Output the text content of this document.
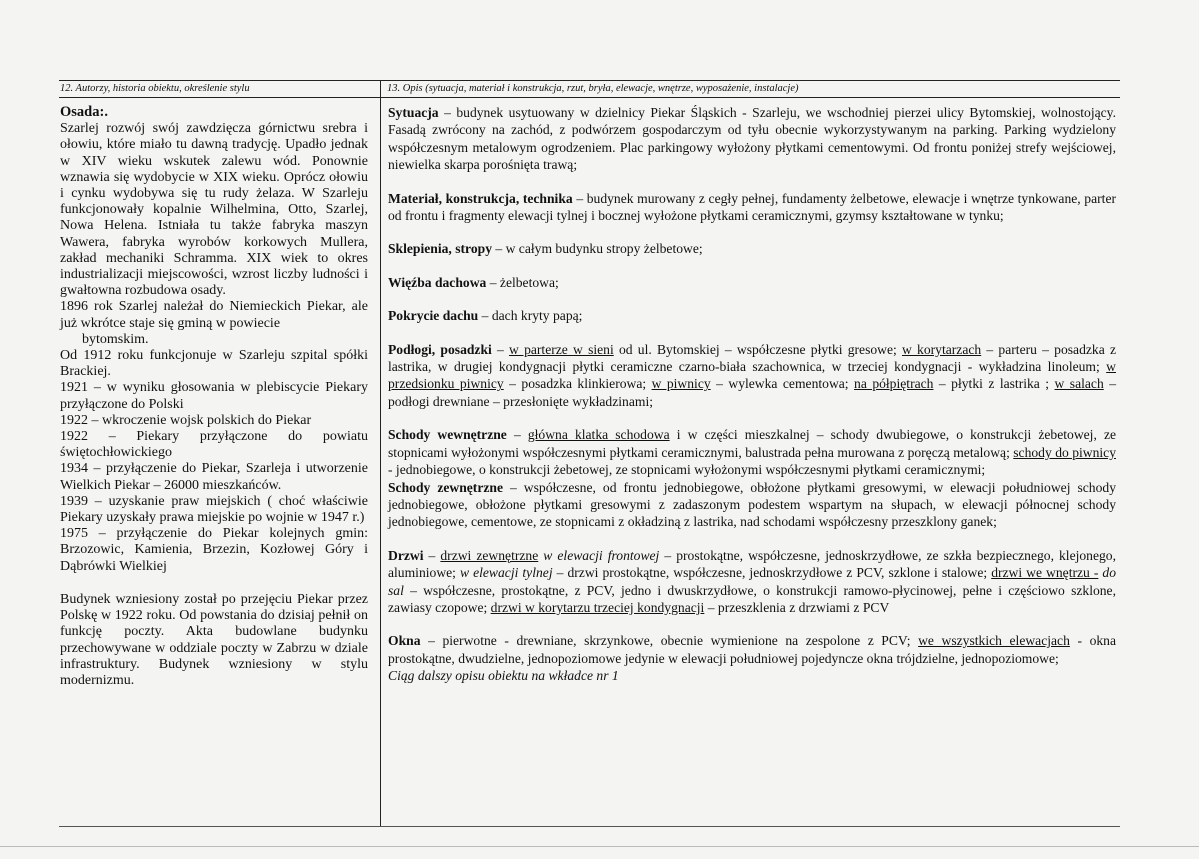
12. Autorzy, historia obiektu, określenie stylu	13. Opis (sytuacja, materiał i konstrukcja, rzut, bryła, elewacje, wnętrze, wyposażenie, instalacje)

Osada:.

Szarlej rozwój swój zawdzięcza górnictwu srebra i ołowiu, które miało tu dawną tradycję. Upadło jednak w XIV wieku wskutek zalewu wód. Ponownie wznawia się wydobycie w XIX wieku. Oprócz ołowiu i cynku wydobywa się tu rudy żelaza. W Szarleju funkcjonowały kopalnie Wilhelmina, Otto, Szarlej, Nowa Helena. Istniała tu także fabryka maszyn Wawera, fabryka wyrobów korkowych Mullera, zakład mechaniki Schramma. XIX wiek to okres industrializacji miejscowości, wzrost liczby ludności i gwałtowna rozbudowa osady.

1896 rok Szarlej należał do Niemieckich Piekar, ale już wkrótce staje się gminą w powiecie

bytomskim.

Od 1912 roku funkcjonuje w Szarleju szpital spółki Brackiej.

1921 – w wyniku głosowania w plebiscycie Piekary przyłączone do Polski

1922 – wkroczenie wojsk polskich do Piekar

1922 – Piekary przyłączone do powiatu świętochłowickiego

1934 – przyłączenie do Piekar, Szarleja i utworzenie Wielkich Piekar – 26000 mieszkańców.

1939 – uzyskanie praw miejskich ( choć właściwie Piekary uzyskały prawa miejskie po wojnie w 1947 r.)

1975 – przyłączenie do Piekar kolejnych gmin: Brzozowic, Kamienia, Brzezin, Kozłowej Góry i Dąbrówki Wielkiej

Budynek wzniesiony został po przejęciu Piekar przez Polskę w 1922 roku. Od powstania do dzisiaj pełnił on funkcję poczty. Akta budowlane budynku przechowywane w oddziale poczty w Zabrzu w dziale infrastruktury. Budynek wzniesiony w stylu modernizmu.

Sytuacja – budynek usytuowany w dzielnicy Piekar Śląskich - Szarleju, we wschodniej pierzei ulicy Bytomskiej, wolnostojący. Fasadą zwrócony na zachód, z podwórzem gospodarczym od tyłu obecnie wykorzystywanym na parking. Parking wydzielony współczesnym metalowym ogrodzeniem. Plac parkingowy wyłożony płytkami cementowymi. Od frontu poniżej strefy wejściowej, niewielka skarpa porośnięta trawą;

Materiał, konstrukcja, technika – budynek murowany z cegły pełnej, fundamenty żelbetowe, elewacje i wnętrze tynkowane, parter od frontu i fragmenty elewacji tylnej i bocznej wyłożone płytkami ceramicznymi, gzymsy kształtowane w tynku;

Sklepienia, stropy – w całym budynku stropy żelbetowe;

Więźba dachowa – żelbetowa;

Pokrycie dachu – dach kryty papą;

Podłogi, posadzki – w parterze w sieni od ul. Bytomskiej – współczesne płytki gresowe; w korytarzach – parteru – posadzka z lastrika, w drugiej kondygnacji płytki ceramiczne czarno-biała szachownica, w trzeciej kondygnacji - wykładzina linoleum; w przedsionku piwnicy – posadzka klinkierowa; w piwnicy – wylewka cementowa; na półpiętrach – płytki z lastrika ; w salach – podłogi drewniane – przesłonięte wykładzinami;

Schody wewnętrzne – główna klatka schodowa i w części mieszkalnej – schody dwubiegowe, o konstrukcji żebetowej, ze stopnicami wyłożonymi współczesnymi płytkami ceramicznymi, balustrada pełna murowana z poręczą metalową; schody do piwnicy - jednobiegowe, o konstrukcji żebetowej, ze stopnicami wyłożonymi współczesnymi płytkami ceramicznymi;

Schody zewnętrzne – współczesne, od frontu jednobiegowe, obłożone płytkami gresowymi, w elewacji południowej schody jednobiegowe, obłożone płytkami gresowymi z zadaszonym podestem wspartym na słupach, w elewacji północnej schody jednobiegowe, cementowe, ze stopnicami z okładziną z lastrika, nad schodami współczesny przeszklony ganek;

Drzwi – drzwi zewnętrzne w elewacji frontowej – prostokątne, współczesne, jednoskrzydłowe, ze szkła bezpiecznego, klejonego, aluminiowe; w elewacji tylnej – drzwi prostokątne, współczesne, jednoskrzydłowe z PCV, szklone i stalowe; drzwi we wnętrzu - do sal – współczesne, prostokątne, z PCV, jedno i dwuskrzydłowe, o konstrukcji ramowo-płycinowej, pełne i częściowo szklone, zawiasy czopowe; drzwi w korytarzu trzeciej kondygnacji – przeszklenia z drzwiami z PCV

Okna – pierwotne - drewniane, skrzynkowe, obecnie wymienione na zespolone z PCV; we wszystkich elewacjach - okna prostokątne, dwudzielne, jednopoziomowe jedynie w elewacji południowej pojedyncze okna trójdzielne, jednopoziomowe;

Ciąg dalszy opisu obiektu na wkładce nr 1
